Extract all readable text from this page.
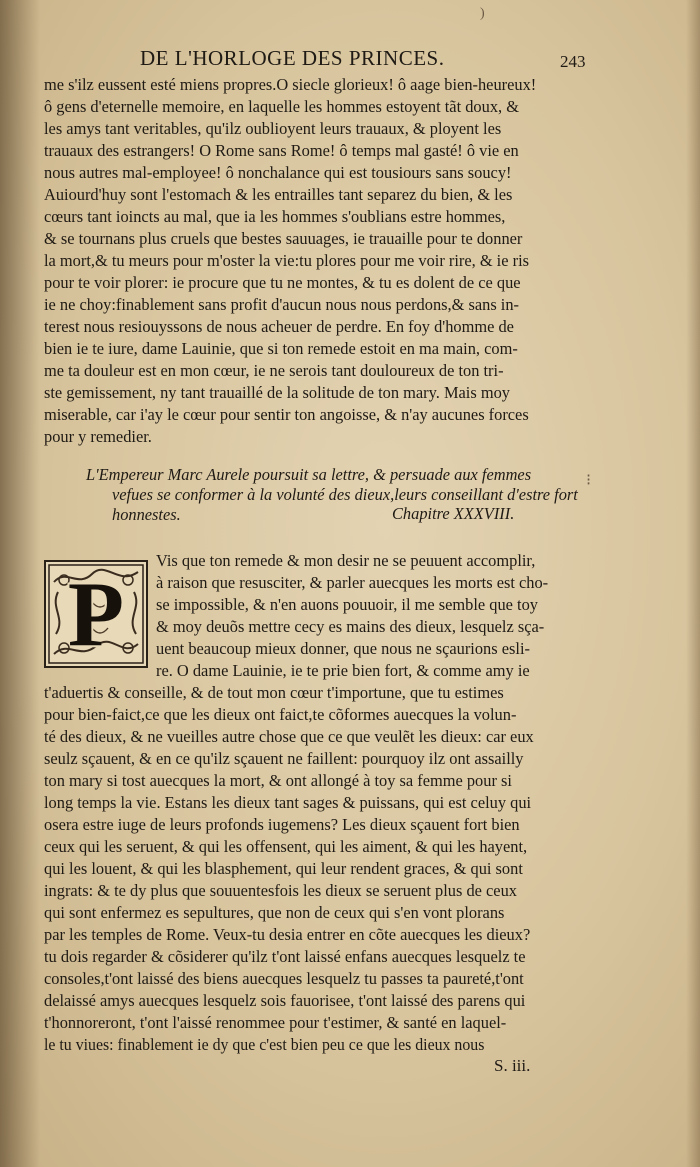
DE L'HORLOGE DES PRINCES.	243
me s'ilz eussent esté miens propres.O siecle glorieux! ô aage bien-heureux!
ô gens d'eternelle memoire, en laquelle les hommes estoyent tãt doux, &
les amys tant veritables, qu'ilz oublioyent leurs trauaux, & ployent les
trauaux des estrangers! O Rome sans Rome! ô temps mal gasté! ô vie en
nous autres mal-employee! ô nonchalance qui est tousiours sans soucy!
Auiourd'huy sont l'estomach & les entrailles tant separez du bien, & les
cœurs tant ioincts au mal, que ia les hommes s'oublians estre hommes,
& se tournans plus cruels que bestes sauuages, ie trauaille pour te donner
la mort,& tu meurs pour m'oster la vie:tu plores pour me voir rire, & ie ris
pour te voir plorer: ie procure que tu ne montes, & tu es dolent de ce que
ie ne choy:finablement sans profit d'aucun nous nous perdons,& sans in-
terest nous resiouyssons de nous acheuer de perdre. En foy d'homme de
bien ie te iure, dame Lauinie, que si ton remede estoit en ma main, com-
me ta douleur est en mon cœur, ie ne serois tant douloureux de ton tri-
ste gemissement, ny tant trauaillé de la solitude de ton mary. Mais moy
miserable, car i'ay le cœur pour sentir ton angoisse, & n'ay aucunes forces
pour y remedier.
L'Empereur Marc Aurele poursuit sa lettre, & persuade aux femmes
vefues se conformer à la volunté des dieux,leurs conseillant d'estre fort
honnestes.	Chapitre XXXVIII.
⁝
)
P
Vis que ton remede & mon desir ne se peuuent accomplir,
à raison que resusciter, & parler auecques les morts est cho-
se impossible, & n'en auons pouuoir, il me semble que toy
& moy deuõs mettre cecy es mains des dieux, lesquelz sça-
uent beaucoup mieux donner, que nous ne sçaurions esli-
re. O dame Lauinie, ie te prie bien fort, & comme amy ie
t'aduertis & conseille, & de tout mon cœur t'importune, que tu estimes
pour bien-faict,ce que les dieux ont faict,te cõformes auecques la volun-
té des dieux, & ne vueilles autre chose que ce que veulẽt les dieux: car eux
seulz sçauent, & en ce qu'ilz sçauent ne faillent: pourquoy ilz ont assailly
ton mary si tost auecques la mort, & ont allongé à toy sa femme pour si
long temps la vie. Estans les dieux tant sages & puissans, qui est celuy qui
osera estre iuge de leurs profonds iugemens? Les dieux sçauent fort bien
ceux qui les seruent, & qui les offensent, qui les aiment, & qui les hayent,
qui les louent, & qui les blasphement, qui leur rendent graces, & qui sont
ingrats: & te dy plus que souuentesfois les dieux se seruent plus de ceux
qui sont enfermez es sepultures, que non de ceux qui s'en vont plorans
par les temples de Rome. Veux-tu desia entrer en cõte auecques les dieux?
tu dois regarder & cõsiderer qu'ilz t'ont laissé enfans auecques lesquelz te
consoles,t'ont laissé des biens auecques lesquelz tu passes ta paureté,t'ont
delaissé amys auecques lesquelz sois fauorisee, t'ont laissé des parens qui
t'honnoreront, t'ont l'aissé renommee pour t'estimer, & santé en laquel-
le tu viues: finablement ie dy que c'est bien peu ce que les dieux nous
S. iii.
